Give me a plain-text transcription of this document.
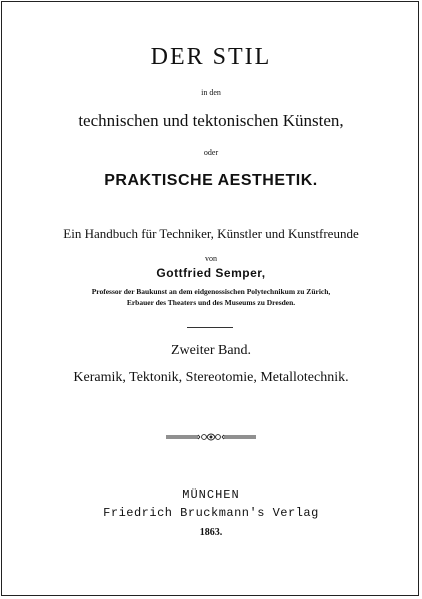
DER STIL
in den
technischen und tektonischen Künsten,
oder
PRAKTISCHE AESTHETIK.
Ein Handbuch für Techniker, Künstler und Kunstfreunde
von
Gottfried Semper,
Professor der Baukunst an dem eidgenossischen Polytechnikum zu Zürich,
Erbauer des Theaters und des Museums zu Dresden.
Zweiter Band.
Keramik, Tektonik, Stereotomie, Metallotechnik.
MÜNCHEN
Friedrich Bruckmann's Verlag
1863.
